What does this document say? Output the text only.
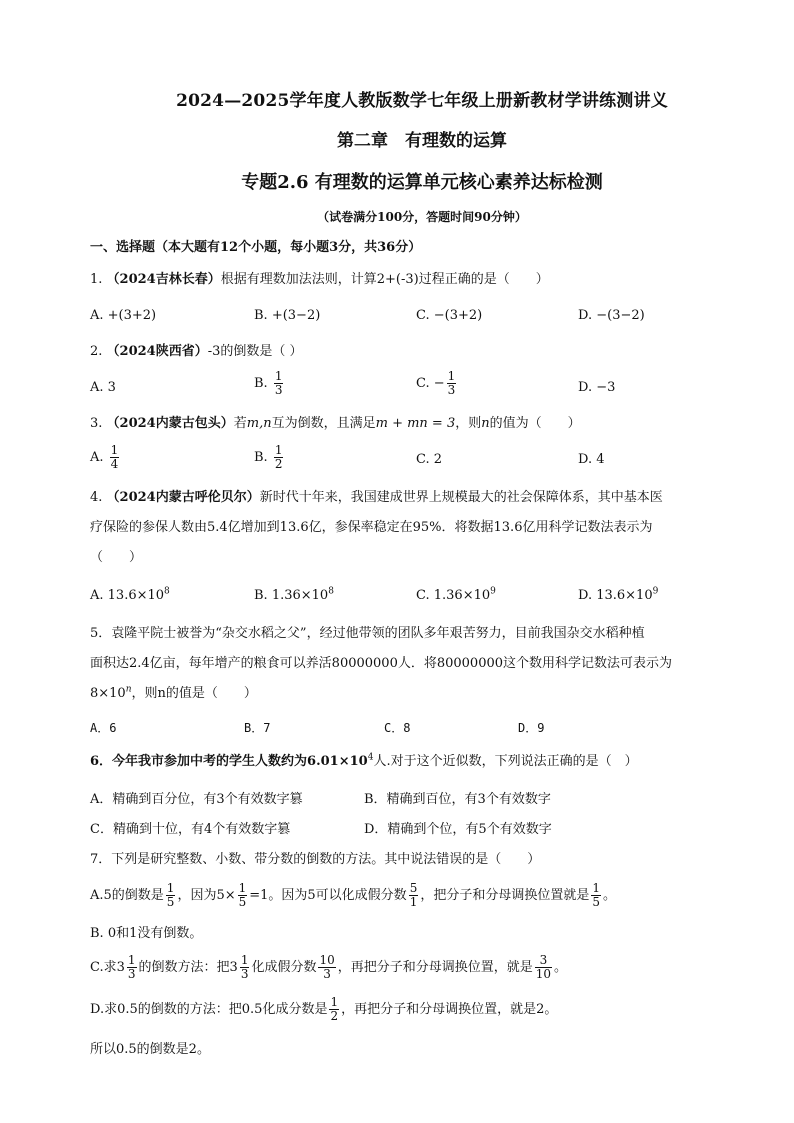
2024—2025学年度人教版数学七年级上册新教材学讲练测讲义
第二章　有理数的运算
专题2.6 有理数的运算单元核心素养达标检测
（试卷满分100分，答题时间90分钟）
一、选择题（本大题有12个小题，每小题3分，共36分）
1. （2024吉林长春）根据有理数加法法则，计算2+(-3)过程正确的是（　　）
A. +(3+2)	B. +(3−2)	C. −(3+2)	D. −(3−2)
2. （2024陕西省）-3的倒数是（ ）
A. 3	B. $\frac{1}{3}$	C. − $\frac{1}{3}$	D. −3
3. （2024内蒙古包头）若m,n互为倒数，且满足m + mn = 3，则n的值为（　　）
A. $\frac{1}{4}$	B. $\frac{1}{2}$	C. 2	D. 4
4. （2024内蒙古呼伦贝尔）新时代十年来，我国建成世界上规模最大的社会保障体系，其中基本医
疗保险的参保人数由5.4亿增加到13.6亿，参保率稳定在95%．将数据13.6亿用科学记数法表示为
（　　）
A. $13.6\times 10^8$	B. $1.36\times 10^8$	C. $1.36\times 10^9$	D. $13.6\times 10^9$
5．袁隆平院士被誉为“杂交水稻之父”，经过他带领的团队多年艰苦努力，目前我国杂交水稻种植
面积达2.4亿亩，每年增产的粮食可以养活80000000人．将80000000这个数用科学记数法可表示为
$8\times 10^n$，则n的值是（　　）
A．6	B．7	C．8	D．9
6．今年我市参加中考的学生人数约为$6.01\times 10^4$人.对于这个近似数，下列说法正确的是（　）
A．精确到百分位，有3个有效数字篡	B．精确到百位，有3个有效数字
C．精确到十位，有4个有效数字篡	D．精确到个位，有5个有效数字
7．下列是研究整数、小数、带分数的倒数的方法。其中说法错误的是（　　）
A.5的倒数是 $\frac{1}{5}$ ，因为$5\times \frac{1}{5} =1$。因为5可以化成假分数 $\frac{5}{1}$ ，把分子和分母调换位置就是 $\frac{1}{5}$ 。
B. 0和1没有倒数。
C.求$3 \frac{1}{3}$ 的倒数方法：把$3 \frac{1}{3}$ 化成假分数 $\frac{10}{3}$ ，再把分子和分母调换位置，就是 $\frac{3}{10}$ 。
D.求0.5的倒数的方法：把0.5化成分数是 $\frac{1}{2}$ ，再把分子和分母调换位置，就是2。
所以0.5的倒数是2。
